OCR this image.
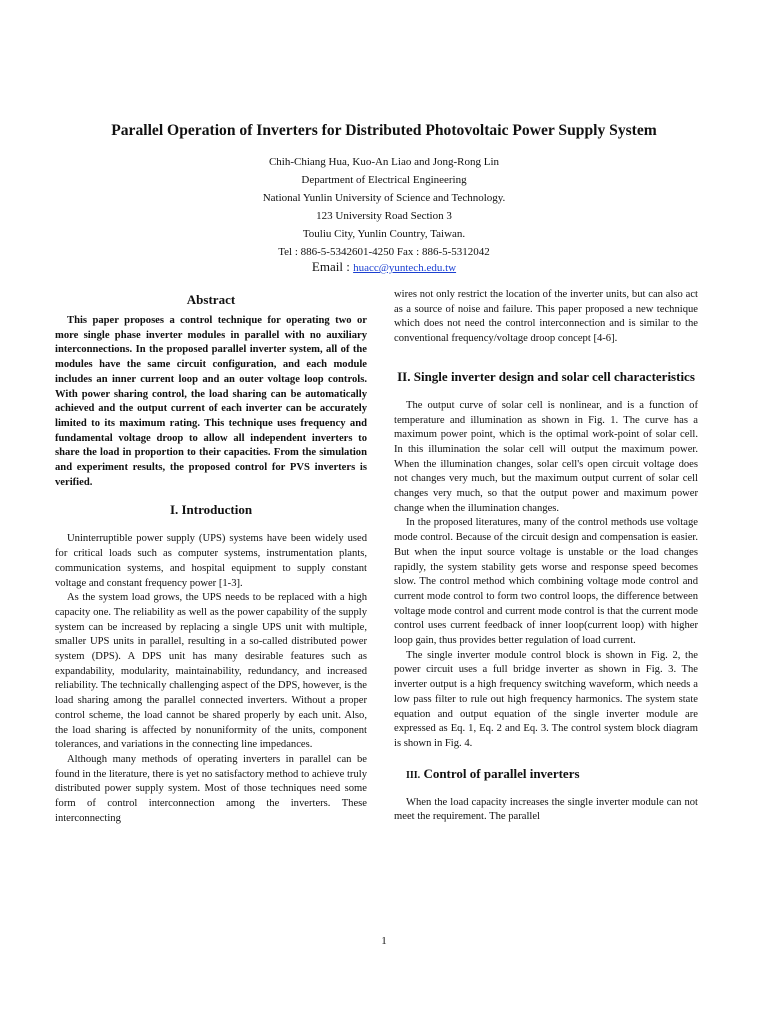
Parallel Operation of Inverters for Distributed Photovoltaic Power Supply System
Chih-Chiang Hua, Kuo-An Liao and Jong-Rong Lin
Department of Electrical Engineering
National Yunlin University of Science and Technology.
123 University Road Section 3
Touliu City, Yunlin Country, Taiwan.
Tel : 886-5-5342601-4250 Fax : 886-5-5312042
Email : huacc@yuntech.edu.tw
Abstract

This paper proposes a control technique for operating two or more single phase inverter modules in parallel with no auxiliary interconnections. In the proposed parallel inverter system, all of the modules have the same circuit configuration, and each module includes an inner current loop and an outer voltage loop controls. With power sharing control, the load sharing can be automatically achieved and the output current of each inverter can be accurately limited to its maximum rating. This technique uses frequency and fundamental voltage droop to allow all independent inverters to share the load in proportion to their capacities. From the simulation and experiment results, the proposed control for PVS inverters is verified.

I. Introduction

Uninterruptible power supply (UPS) systems have been widely used for critical loads such as computer systems, instrumentation plants, communication systems, and hospital equipment to supply constant voltage and constant frequency power [1-3].

As the system load grows, the UPS needs to be replaced with a high capacity one. The reliability as well as the power capability of the supply system can be increased by replacing a single UPS unit with multiple, smaller UPS units in parallel, resulting in a so-called distributed power system (DPS). A DPS unit has many desirable features such as expandability, modularity, maintainability, redundancy, and increased reliability. The technically challenging aspect of the DPS, however, is the load sharing among the parallel connected inverters. Without a proper control scheme, the load cannot be shared properly by each unit. Also, the load sharing is affected by nonuniformity of the units, component tolerances, and variations in the connecting line impedances.

Although many methods of operating inverters in parallel can be found in the literature, there is yet no satisfactory method to achieve truly distributed power supply system. Most of those techniques need some form of control interconnection among the inverters. These interconnecting

wires not only restrict the location of the inverter units, but can also act as a source of noise and failure. This paper proposed a new technique which does not need the control interconnection and is similar to the conventional frequency/voltage droop concept [4-6].

II. Single inverter design and solar cell characteristics

The output curve of solar cell is nonlinear, and is a function of temperature and illumination as shown in Fig. 1. The curve has a maximum power point, which is the optimal work-point of solar cell. In this illumination the solar cell will output the maximum power. When the illumination changes, solar cell's open circuit voltage does not changes very much, but the maximum output current of solar cell changes very much, so that the output power and maximum power change when the illumination changes.

In the proposed literatures, many of the control methods use voltage mode control. Because of the circuit design and compensation is easier. But when the input source voltage is unstable or the load changes rapidly, the system stability gets worse and response speed becomes slow. The control method which combining voltage mode control and current mode control to form two control loops, the difference between voltage mode control and current mode control is that the current mode control uses current feedback of inner loop(current loop) with higher loop gain, thus provides better regulation of load current.

The single inverter module control block is shown in Fig. 2, the power circuit uses a full bridge inverter as shown in Fig. 3. The inverter output is a high frequency switching waveform, which needs a low pass filter to rule out high frequency harmonics. The system state equation and output equation of the single inverter module are expressed as Eq. 1, Eq. 2 and Eq. 3. The control system block diagram is shown in Fig. 4.

III. Control of parallel inverters

When the load capacity increases the single inverter module can not meet the requirement. The parallel

1
